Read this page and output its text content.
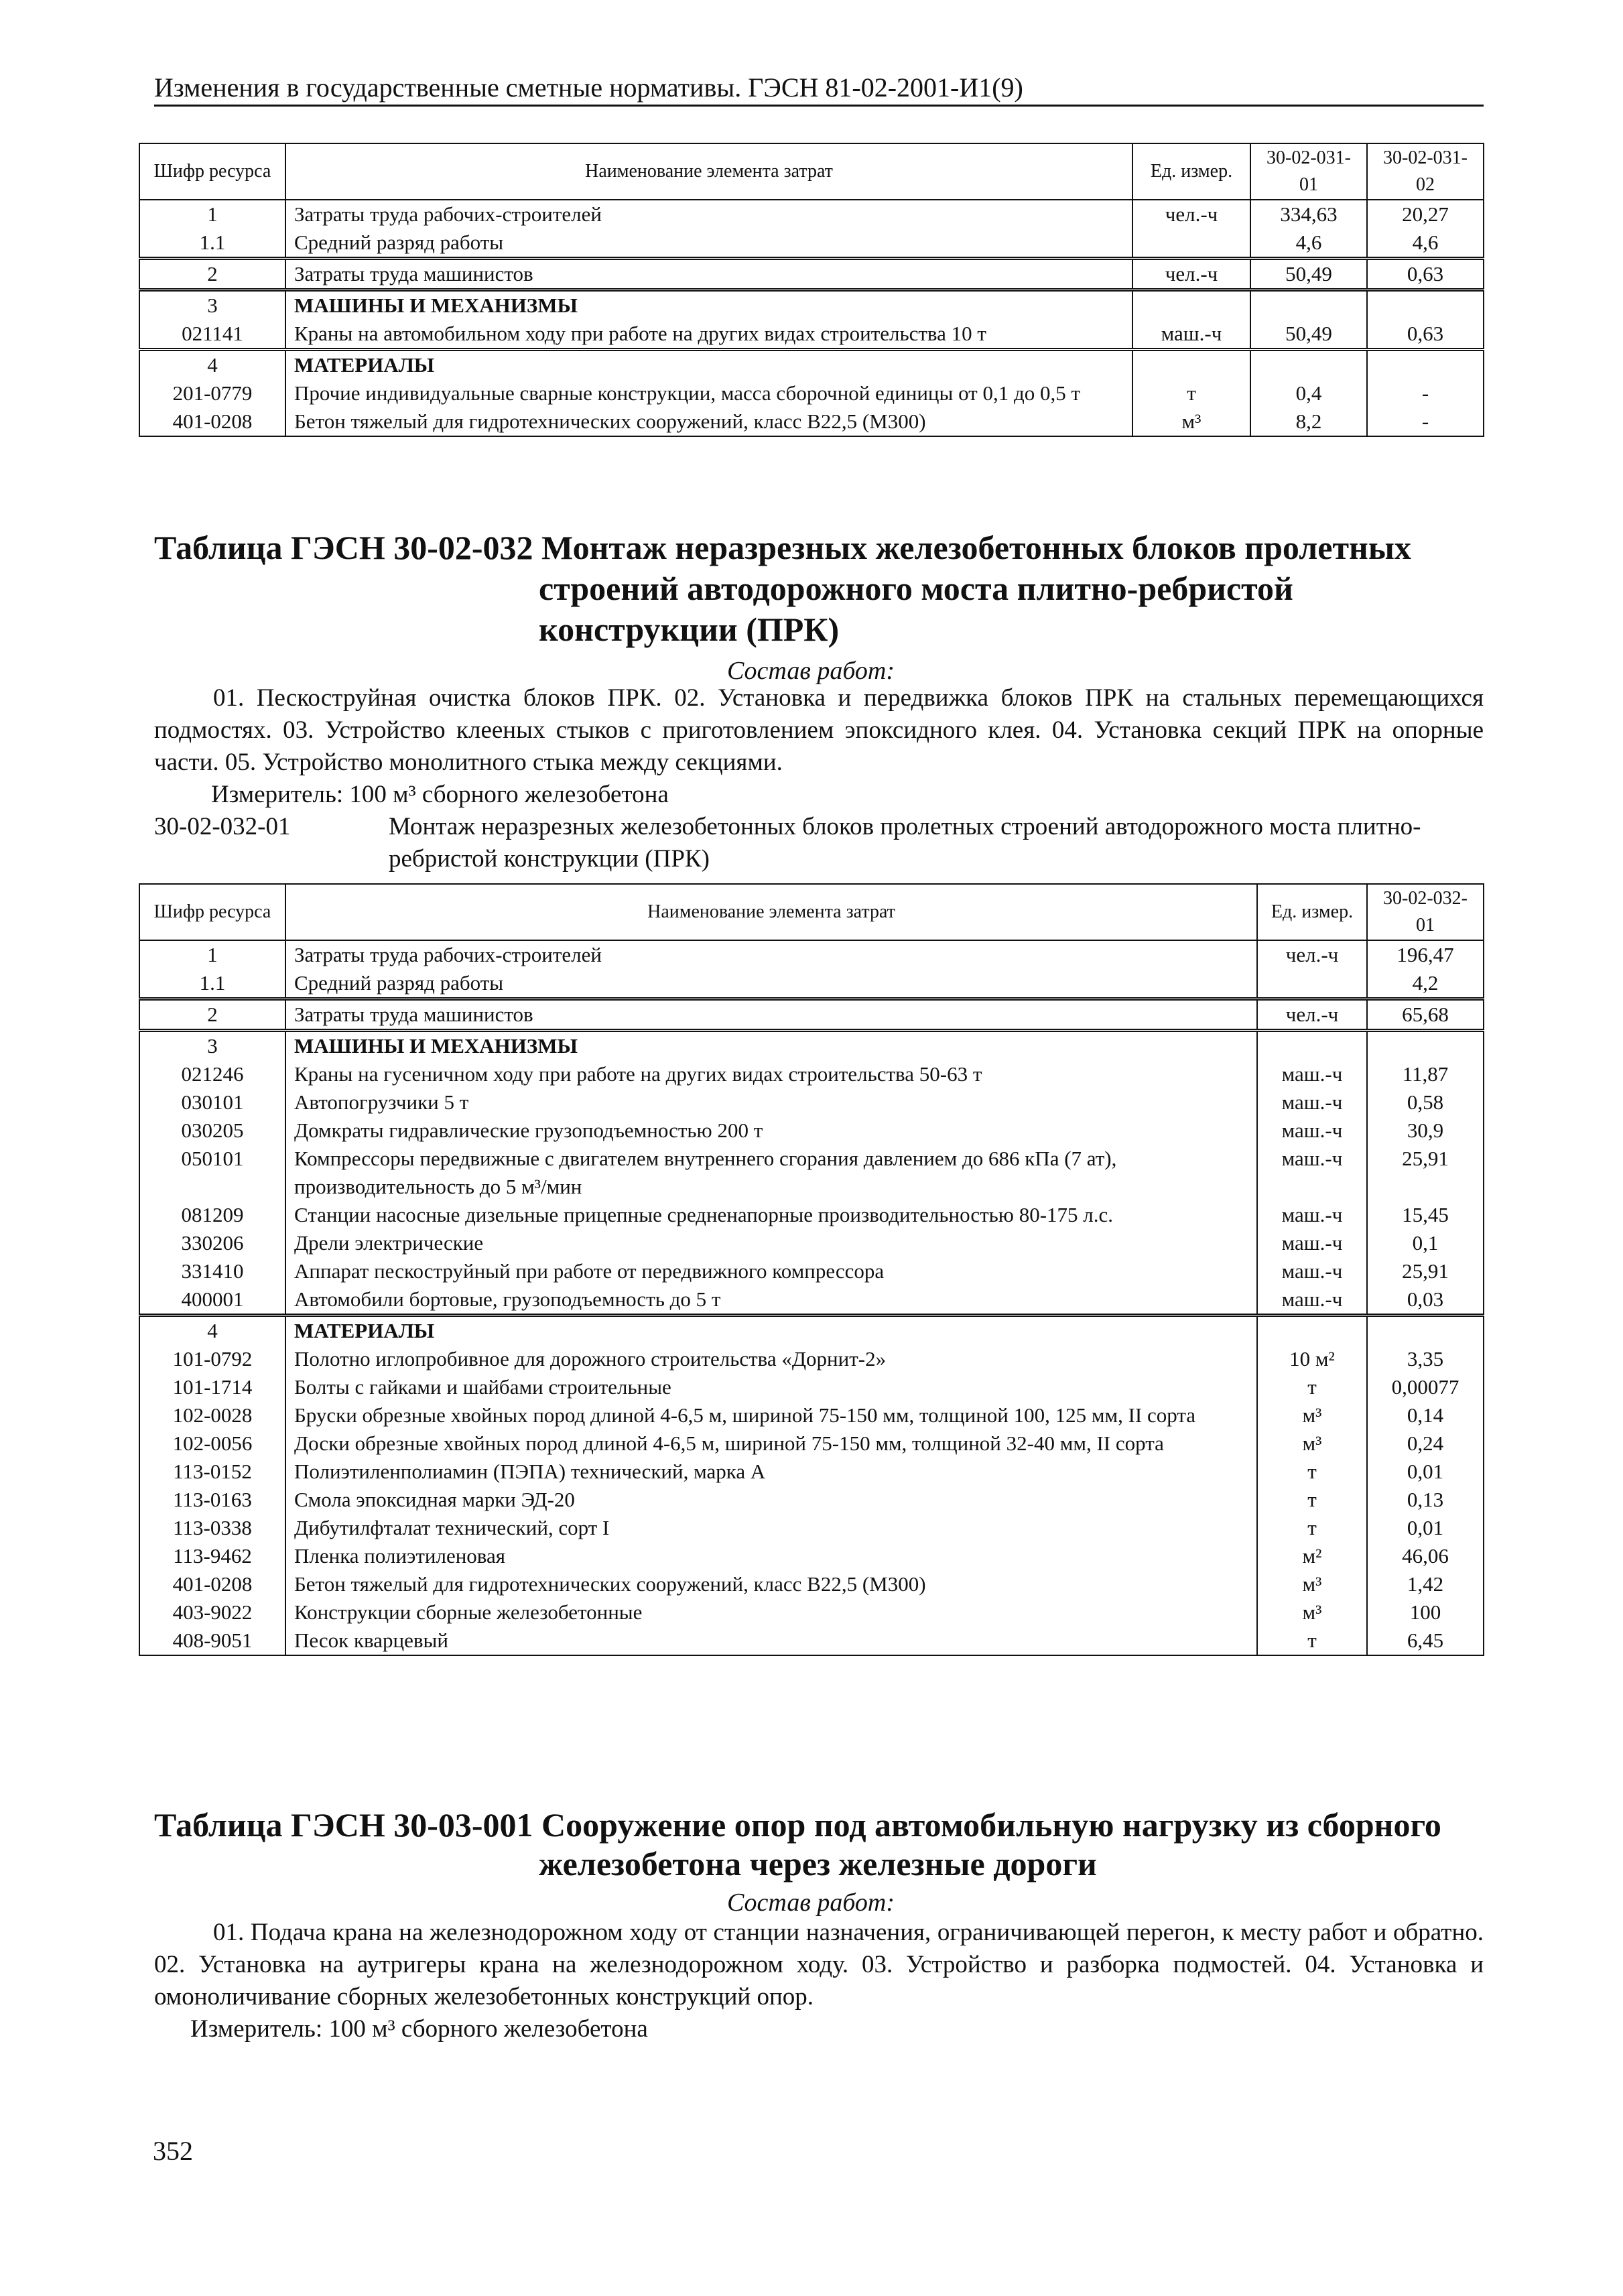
Изменения в государственные сметные нормативы. ГЭСН 81-02-2001-И1(9)
Шифр ресурса	Наименование элемента затрат	Ед. измер.	30-02-031-01	30-02-031-02
1	Затраты труда рабочих-строителей	чел.-ч	334,63	20,27
1.1	Средний разряд работы		4,6	4,6
2	Затраты труда машинистов	чел.-ч	50,49	0,63
3	МАШИНЫ И МЕХАНИЗМЫ			
021141	Краны на автомобильном ходу при работе на других видах строительства 10 т	маш.-ч	50,49	0,63
4	МАТЕРИАЛЫ			
201-0779	Прочие индивидуальные сварные конструкции, масса сборочной единицы от 0,1 до 0,5 т	т	0,4	-
401-0208	Бетон тяжелый для гидротехнических сооружений, класс В22,5 (М300)	м³	8,2	-
Таблица ГЭСН 30-02-032 Монтаж неразрезных железобетонных блоков пролетных
строений автодорожного моста плитно-ребристой
конструкции (ПРК)
Состав работ:
01. Пескоструйная очистка блоков ПРК. 02. Установка и передвижка блоков ПРК на стальных перемещающихся подмостях. 03. Устройство клееных стыков с приготовлением эпоксидного клея. 04. Установка секций ПРК на опорные части. 05. Устройство монолитного стыка между секциями.
Измеритель: 100 м³ сборного железобетона
30-02-032-01	Монтаж неразрезных железобетонных блоков пролетных строений автодорожного моста плитно-ребристой конструкции (ПРК)
Шифр ресурса	Наименование элемента затрат	Ед. измер.	30-02-032-01
1	Затраты труда рабочих-строителей	чел.-ч	196,47
1.1	Средний разряд работы		4,2
2	Затраты труда машинистов	чел.-ч	65,68
3	МАШИНЫ И МЕХАНИЗМЫ		
021246	Краны на гусеничном ходу при работе на других видах строительства 50-63 т	маш.-ч	11,87
030101	Автопогрузчики 5 т	маш.-ч	0,58
030205	Домкраты гидравлические грузоподъемностью 200 т	маш.-ч	30,9
050101	Компрессоры передвижные с двигателем внутреннего сгорания давлением до 686 кПа (7 ат), производительность до 5 м³/мин	маш.-ч	25,91
081209	Станции насосные дизельные прицепные средненапорные производительностью 80-175 л.с.	маш.-ч	15,45
330206	Дрели электрические	маш.-ч	0,1
331410	Аппарат пескоструйный при работе от передвижного компрессора	маш.-ч	25,91
400001	Автомобили бортовые, грузоподъемность до 5 т	маш.-ч	0,03
4	МАТЕРИАЛЫ		
101-0792	Полотно иглопробивное для дорожного строительства «Дорнит-2»	10 м²	3,35
101-1714	Болты с гайками и шайбами строительные	т	0,00077
102-0028	Бруски обрезные хвойных пород длиной 4-6,5 м, шириной 75-150 мм, толщиной 100, 125 мм, II сорта	м³	0,14
102-0056	Доски обрезные хвойных пород длиной 4-6,5 м, шириной 75-150 мм, толщиной 32-40 мм, II сорта	м³	0,24
113-0152	Полиэтиленполиамин (ПЭПА) технический, марка А	т	0,01
113-0163	Смола эпоксидная марки ЭД-20	т	0,13
113-0338	Дибутилфталат технический, сорт I	т	0,01
113-9462	Пленка полиэтиленовая	м²	46,06
401-0208	Бетон тяжелый для гидротехнических сооружений, класс В22,5 (М300)	м³	1,42
403-9022	Конструкции сборные железобетонные	м³	100
408-9051	Песок кварцевый	т	6,45
Таблица ГЭСН 30-03-001 Сооружение опор под автомобильную нагрузку из сборного
железобетона через железные дороги
Состав работ:
01. Подача крана на железнодорожном ходу от станции назначения, ограничивающей перегон, к месту работ и обратно. 02. Установка на аутригеры крана на железнодорожном ходу. 03. Устройство и разборка подмостей. 04. Установка и омоноличивание сборных железобетонных конструкций опор.
Измеритель: 100 м³ сборного железобетона
352
